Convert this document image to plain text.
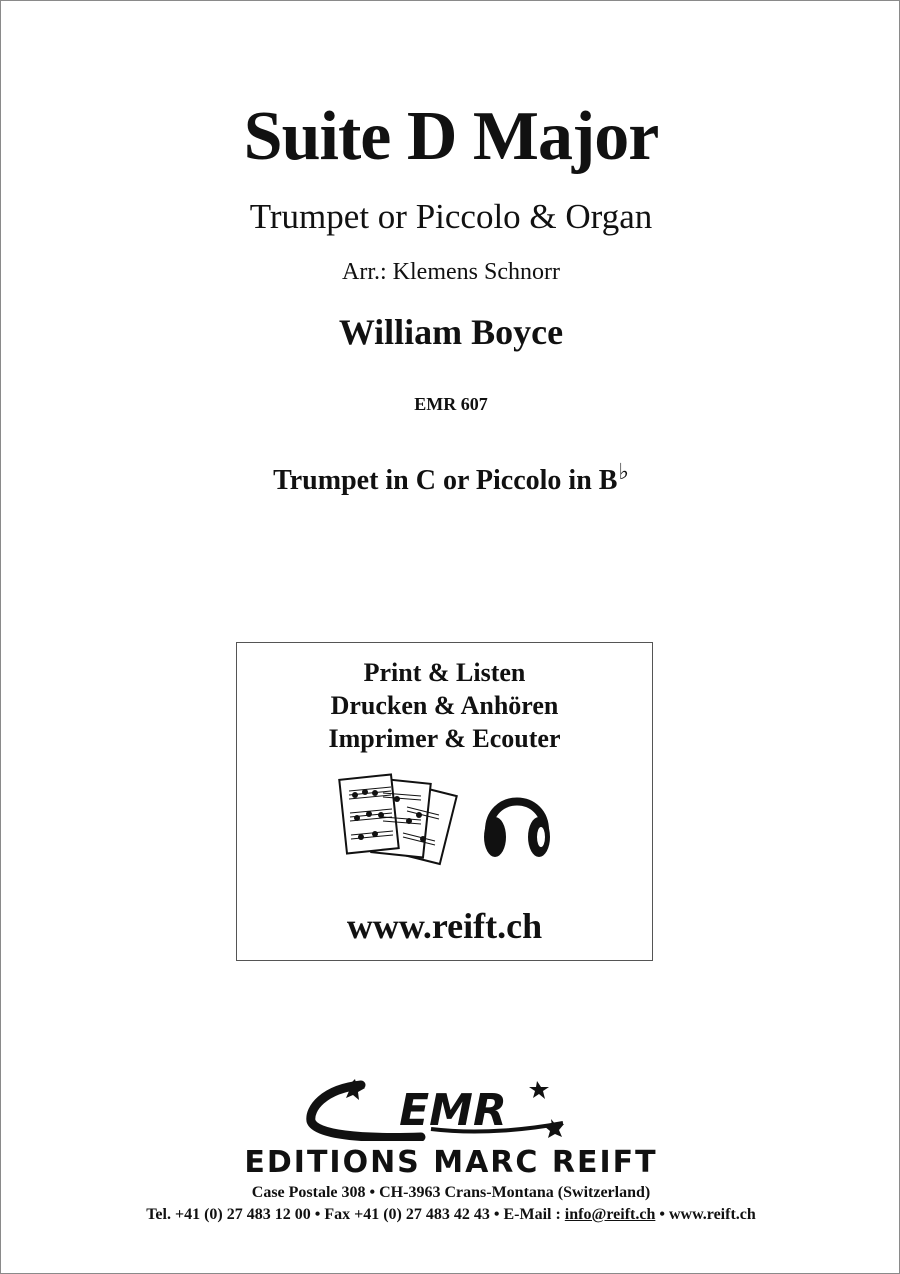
Suite D Major
Trumpet or Piccolo & Organ
Arr.: Klemens Schnorr
William Boyce
EMR 607
Trumpet in C or Piccolo in B♭
Print & Listen
Drucken & Anhören
Imprimer & Ecouter
www.reift.ch
EMR
EDITIONS MARC REIFT
Case Postale 308 • CH-3963 Crans-Montana (Switzerland)
Tel. +41 (0) 27 483 12 00 • Fax +41 (0) 27 483 42 43 • E-Mail : info@reift.ch • www.reift.ch
